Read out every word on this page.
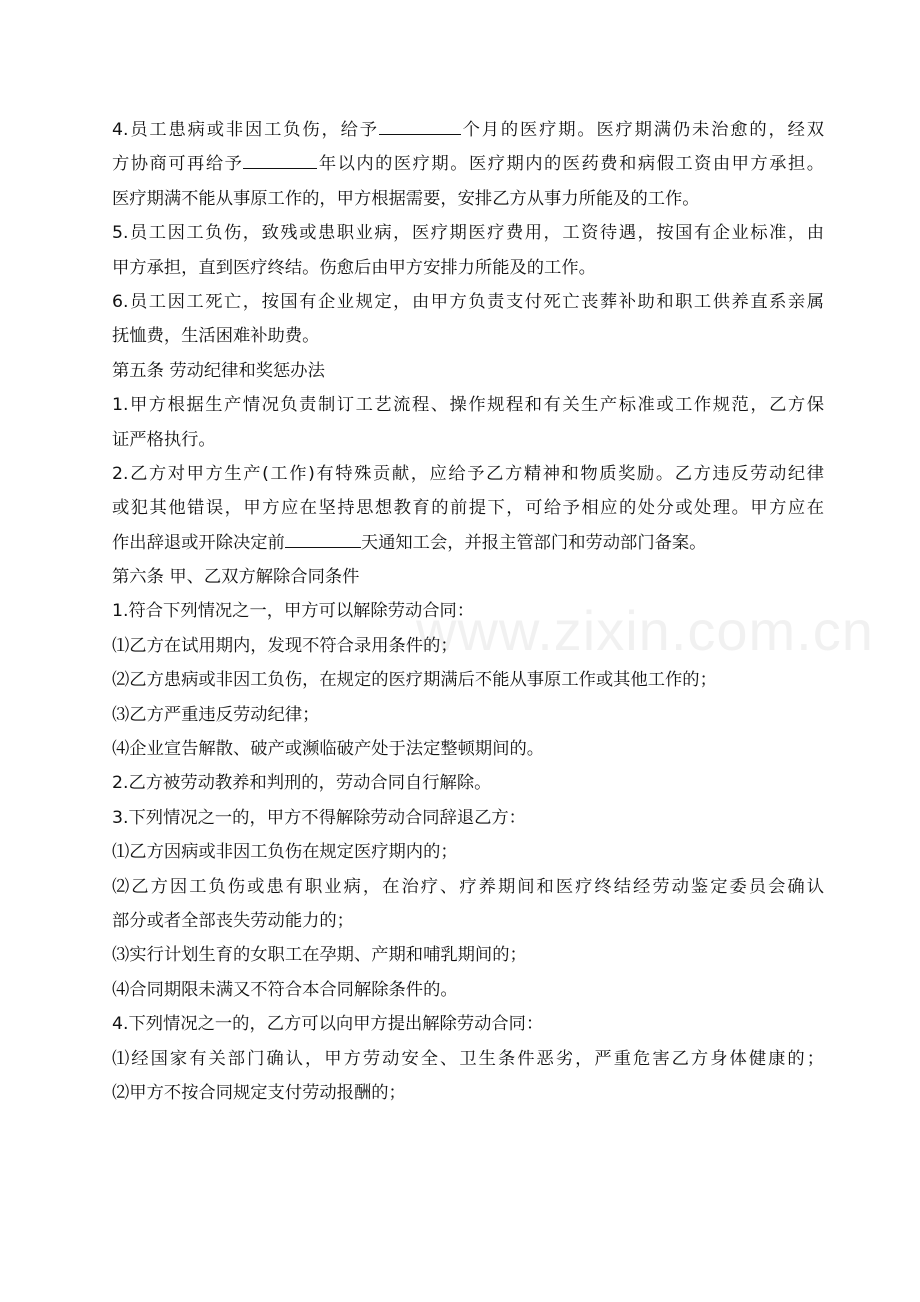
www.zixin.com.cn
4.员工患病或非因工负伤，给予	个月的医疗期。医疗期满仍未治愈的，经双
方协商可再给予	年以内的医疗期。医疗期内的医药费和病假工资由甲方承担。
医疗期满不能从事原工作的，甲方根据需要，安排乙方从事力所能及的工作。
5.员工因工负伤，致残或患职业病，医疗期医疗费用，工资待遇，按国有企业标准，由
甲方承担，直到医疗终结。伤愈后由甲方安排力所能及的工作。
6.员工因工死亡，按国有企业规定，由甲方负责支付死亡丧葬补助和职工供养直系亲属
抚恤费，生活困难补助费。
第五条 劳动纪律和奖惩办法
1.甲方根据生产情况负责制订工艺流程、操作规程和有关生产标准或工作规范，乙方保
证严格执行。
2.乙方对甲方生产(工作)有特殊贡献，应给予乙方精神和物质奖励。乙方违反劳动纪律
或犯其他错误，甲方应在坚持思想教育的前提下，可给予相应的处分或处理。甲方应在
作出辞退或开除决定前	天通知工会，并报主管部门和劳动部门备案。
第六条 甲、乙双方解除合同条件
1.符合下列情况之一，甲方可以解除劳动合同：
⑴乙方在试用期内，发现不符合录用条件的；
⑵乙方患病或非因工负伤，在规定的医疗期满后不能从事原工作或其他工作的；
⑶乙方严重违反劳动纪律；
⑷企业宣告解散、破产或濒临破产处于法定整顿期间的。
2.乙方被劳动教养和判刑的，劳动合同自行解除。
3.下列情况之一的，甲方不得解除劳动合同辞退乙方：
⑴乙方因病或非因工负伤在规定医疗期内的；
⑵乙方因工负伤或患有职业病，在治疗、疗养期间和医疗终结经劳动鉴定委员会确认
部分或者全部丧失劳动能力的；
⑶实行计划生育的女职工在孕期、产期和哺乳期间的；
⑷合同期限未满又不符合本合同解除条件的。
4.下列情况之一的，乙方可以向甲方提出解除劳动合同：
⑴经国家有关部门确认，甲方劳动安全、卫生条件恶劣，严重危害乙方身体健康的；
⑵甲方不按合同规定支付劳动报酬的；
